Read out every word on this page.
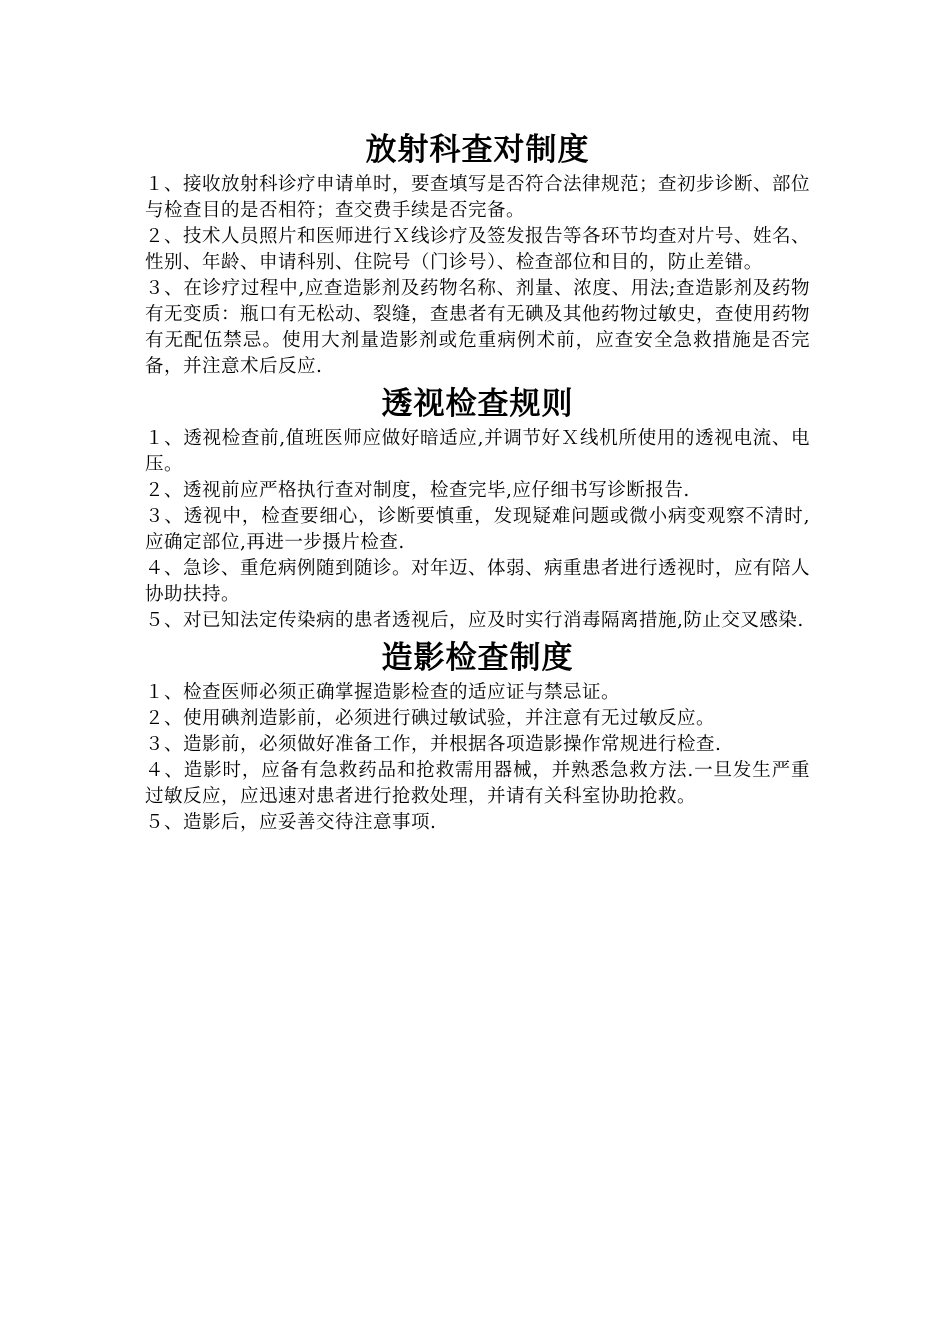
放射科查对制度

１、接收放射科诊疗申请单时，要查填写是否符合法律规范；查初步诊断、部位与检查目的是否相符；查交费手续是否完备。

２、技术人员照片和医师进行Ｘ线诊疗及签发报告等各环节均查对片号、姓名、性别、年龄、申请科别、住院号（门诊号）、检查部位和目的，防止差错。

３、在诊疗过程中,应查造影剂及药物名称、剂量、浓度、用法;查造影剂及药物有无变质：瓶口有无松动、裂缝，查患者有无碘及其他药物过敏史，查使用药物有无配伍禁忌。使用大剂量造影剂或危重病例术前，应查安全急救措施是否完备，并注意术后反应.

透视检查规则

１、透视检查前,值班医师应做好暗适应,并调节好Ｘ线机所使用的透视电流、电压。

２、透视前应严格执行查对制度，检查完毕,应仔细书写诊断报告.

３、透视中，检查要细心，诊断要慎重，发现疑难问题或微小病变观察不清时,应确定部位,再进一步摄片检查.

４、急诊、重危病例随到随诊。对年迈、体弱、病重患者进行透视时，应有陪人协助扶持。

５、对已知法定传染病的患者透视后，应及时实行消毒隔离措施,防止交叉感染.

造影检查制度

１、检查医师必须正确掌握造影检查的适应证与禁忌证。

２、使用碘剂造影前，必须进行碘过敏试验，并注意有无过敏反应。

３、造影前，必须做好准备工作，并根据各项造影操作常规进行检查.

４、造影时，应备有急救药品和抢救需用器械，并熟悉急救方法.一旦发生严重过敏反应，应迅速对患者进行抢救处理，并请有关科室协助抢救。

５、造影后，应妥善交待注意事项.
